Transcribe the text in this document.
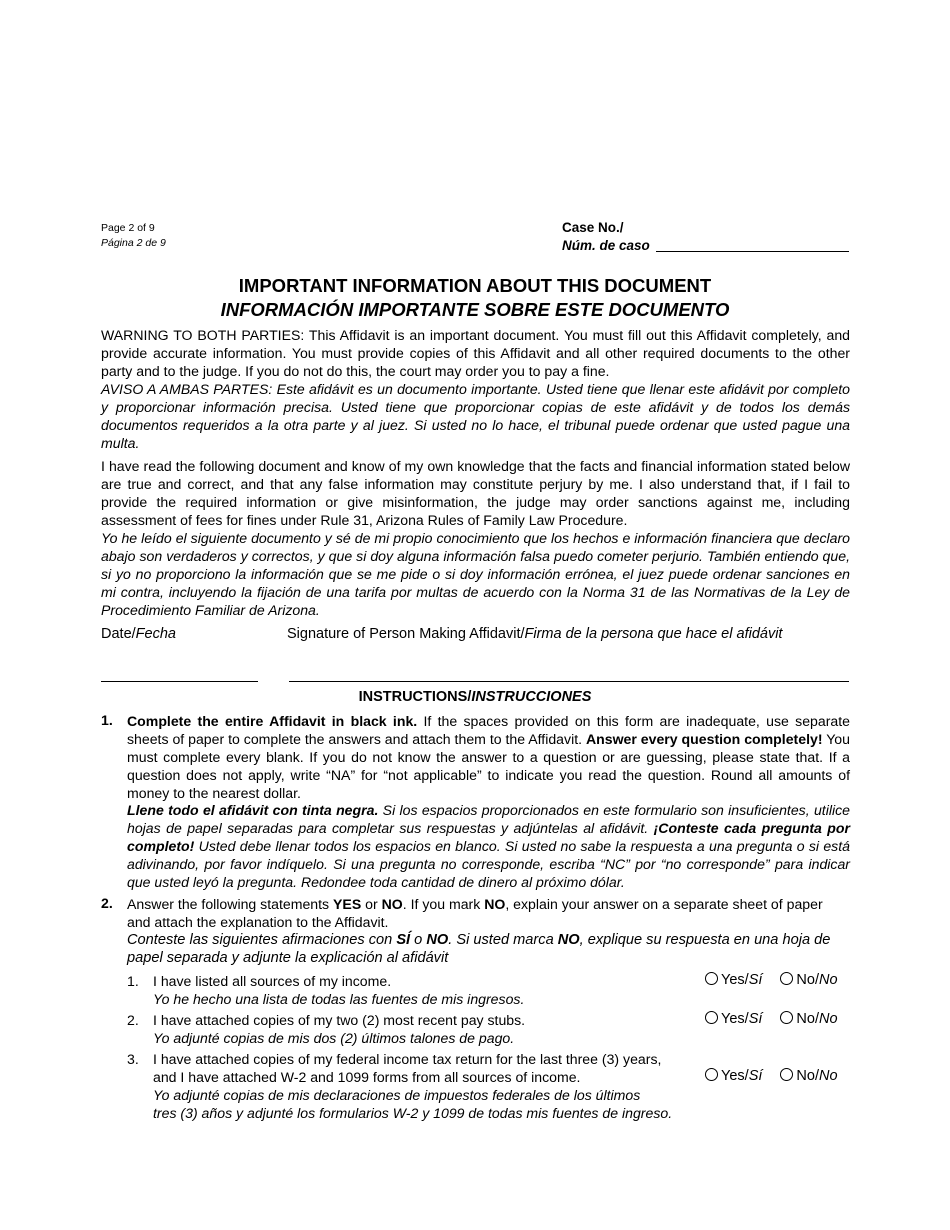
Page 2 of 9
Página 2 de 9
Case No./
Núm. de caso
IMPORTANT INFORMATION ABOUT THIS DOCUMENT
INFORMACIÓN IMPORTANTE SOBRE ESTE DOCUMENTO
WARNING TO BOTH PARTIES: This Affidavit is an important document. You must fill out this Affidavit completely, and provide accurate information. You must provide copies of this Affidavit and all other required documents to the other party and to the judge. If you do not do this, the court may order you to pay a fine.
AVISO A AMBAS PARTES: Este afidávit es un documento importante. Usted tiene que llenar este afidávit por completo y proporcionar información precisa. Usted tiene que proporcionar copias de este afidávit y de todos los demás documentos requeridos a la otra parte y al juez. Si usted no lo hace, el tribunal puede ordenar que usted pague una multa.
I have read the following document and know of my own knowledge that the facts and financial information stated below are true and correct, and that any false information may constitute perjury by me. I also understand that, if I fail to provide the required information or give misinformation, the judge may order sanctions against me, including assessment of fees for fines under Rule 31, Arizona Rules of Family Law Procedure.
Yo he leído el siguiente documento y sé de mi propio conocimiento que los hechos e información financiera que declaro abajo son verdaderos y correctos, y que si doy alguna información falsa puedo cometer perjurio. También entiendo que, si yo no proporciono la información que se me pide o si doy información errónea, el juez puede ordenar sanciones en mi contra, incluyendo la fijación de una tarifa por multas de acuerdo con la Norma 31 de las Normativas de la Ley de Procedimiento Familiar de Arizona.
Date/Fecha	Signature of Person Making Affidavit/Firma de la persona que hace el afidávit
INSTRUCTIONS/INSTRUCCIONES
1. Complete the entire Affidavit in black ink. If the spaces provided on this form are inadequate, use separate sheets of paper to complete the answers and attach them to the Affidavit. Answer every question completely! You must complete every blank. If you do not know the answer to a question or are guessing, please state that. If a question does not apply, write “NA” for “not applicable” to indicate you read the question. Round all amounts of money to the nearest dollar.
Llene todo el afidávit con tinta negra. Si los espacios proporcionados en este formulario son insuficientes, utilice hojas de papel separadas para completar sus respuestas y adjúntelas al afidávit. ¡Conteste cada pregunta por completo! Usted debe llenar todos los espacios en blanco. Si usted no sabe la respuesta a una pregunta o si está adivinando, por favor indíquelo. Si una pregunta no corresponde, escriba “NC” por “no corresponde” para indicar que usted leyó la pregunta. Redondee toda cantidad de dinero al próximo dólar.
2. Answer the following statements YES or NO. If you mark NO, explain your answer on a separate sheet of paper and attach the explanation to the Affidavit.
Conteste las siguientes afirmaciones con SÍ o NO. Si usted marca NO, explique su respuesta en una hoja de papel separada y adjunte la explicación al afidávit
1. I have listed all sources of my income.
Yo he hecho una lista de todas las fuentes de mis ingresos.
Yes/Sí No/No
2. I have attached copies of my two (2) most recent pay stubs.
Yo adjunté copias de mis dos (2) últimos talones de pago.
Yes/Sí No/No
3. I have attached copies of my federal income tax return for the last three (3) years,
and I have attached W-2 and 1099 forms from all sources of income.
Yo adjunté copias de mis declaraciones de impuestos federales de los últimos
tres (3) años y adjunté los formularios W-2 y 1099 de todas mis fuentes de ingreso.
Yes/Sí No/No
